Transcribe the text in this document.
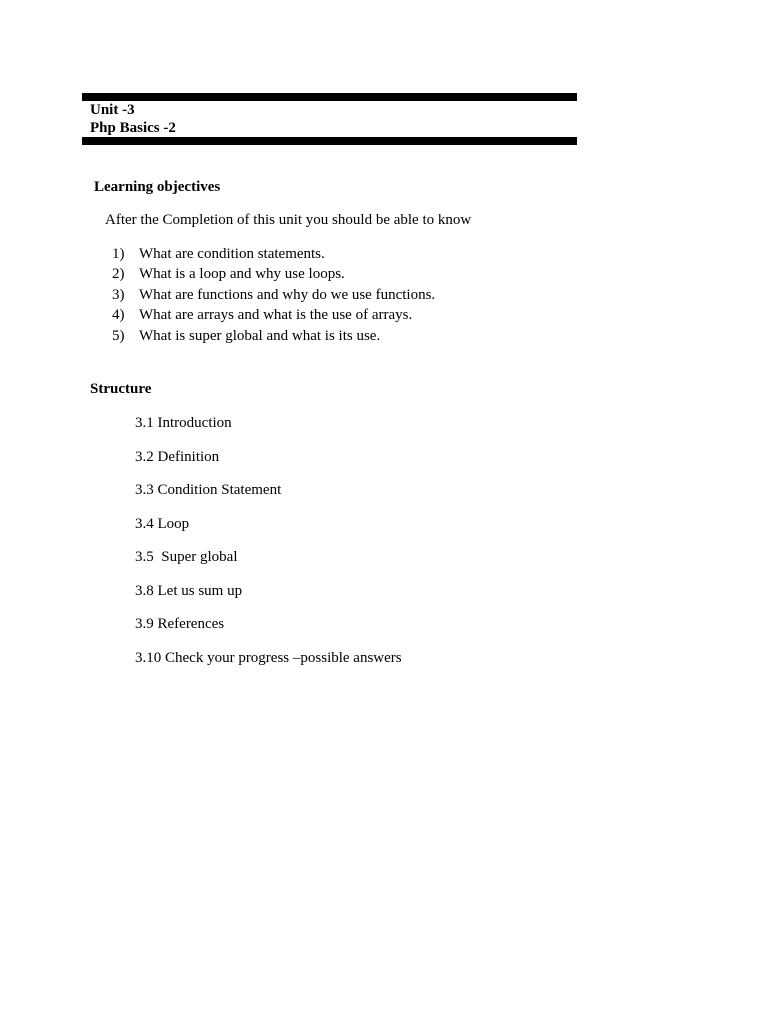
Unit -3
Php Basics -2
Learning objectives
After the Completion of this unit you should be able to know
1) What are condition statements.
2) What is a loop and why use loops.
3) What are functions and why do we use functions.
4) What are arrays and what is the use of arrays.
5) What is super global and what is its use.
Structure
3.1 Introduction
3.2 Definition
3.3 Condition Statement
3.4 Loop
3.5  Super global
3.8 Let us sum up
3.9 References
3.10 Check your progress –possible answers
